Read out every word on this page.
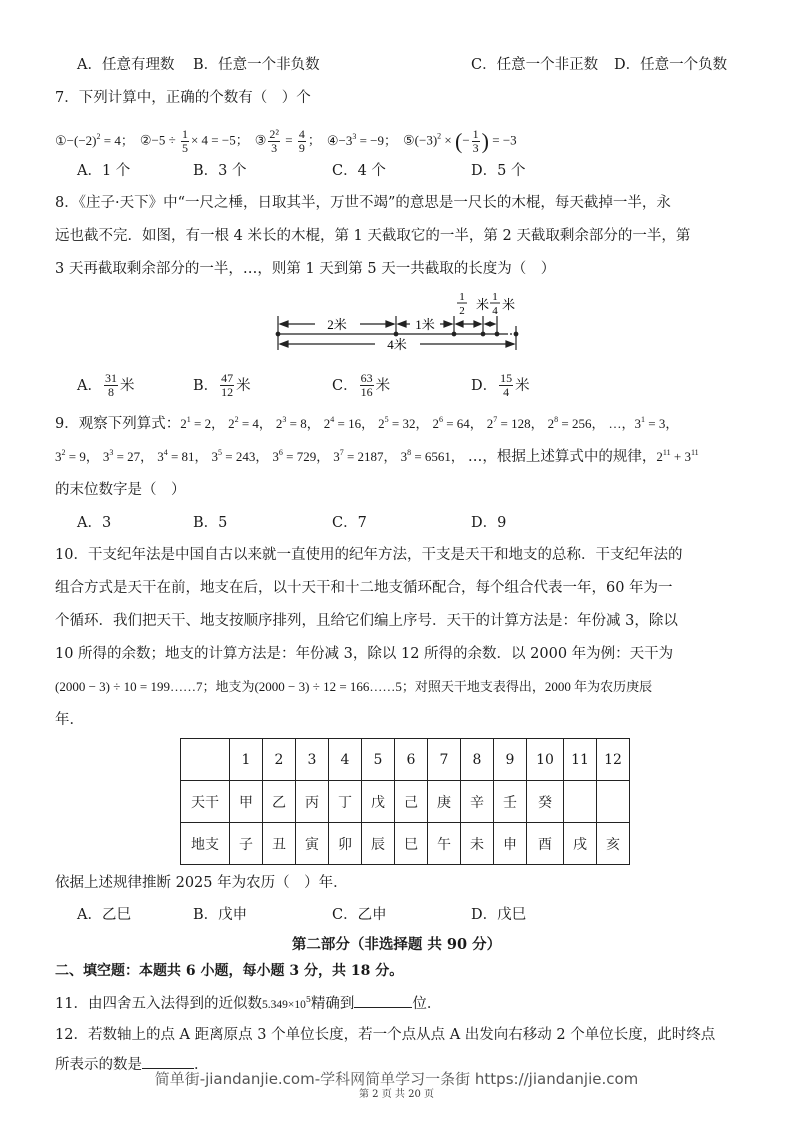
A．任意有理数 B．任意一个非负数	C．任意一个非正数 D．任意一个负数
7．下列计算中，正确的个数有（　）个
$①-(-2)^2 = 4$； ②−5 ÷ $\frac{1}{5} \times 4 = -5$； ③ $\frac{\text{2²}}{3} = \frac{4}{9}$ ； $④-3^3 = -9$； $⑤(-3)^2$ × (− $\frac{1}{3}$ ) = −3
A．1 个	B．3 个	C．4 个	D．5 个
8．《庄子·天下》中“一尺之棰，日取其半，万世不竭”的意思是一尺长的木棍，每天截掉一半，永
远也截不完．如图，有一根 4 米长的木棍，第 1 天截取它的一半，第 2 天截取剩余部分的一半，第
3 天再截取剩余部分的一半，…，则第 1 天到第 5 天一共截取的长度为（　）
2米	1米
1
2 米 1
4 米
4米
A． $\frac{31}{8}$ 米	B． $\frac{47}{12}$ 米	C． $\frac{63}{16}$ 米	D． $\frac{15}{4}$ 米
9．观察下列算式：$2^1 = 2$， $2^2 = 4$， $2^3 = 8$， $2^4 = 16$， $2^5 = 32$， $2^6 = 64$， $2^7 = 128$， $2^8 = 256$， …，$3^1 = 3$，
$3^2 = 9$， $3^3 = 27$， $3^4 = 81$， $3^5 = 243$， $3^6 = 729$， $3^7 = 2187$， $3^8 = 6561$， …，根据上述算式中的规律，$2^{11} + 3^{11}$
的末位数字是（　）
A．3	B．5	C．7	D．9
10．干支纪年法是中国自古以来就一直使用的纪年方法，干支是天干和地支的总称．干支纪年法的
组合方式是天干在前，地支在后，以十天干和十二地支循环配合，每个组合代表一年，60 年为一
个循环．我们把天干、地支按顺序排列，且给它们编上序号．天干的计算方法是：年份减 3，除以
10 所得的余数；地支的计算方法是：年份减 3，除以 12 所得的余数．以 2000 年为例：天干为
(2000 − 3) ÷ 10 = 199……7；地支为(2000 − 3) ÷ 12 = 166……5；对照天干地支表得出，2000 年为农历庚辰
年．
	1	2	3	4	5	6	7	8	9	10	11	12
天干	甲	乙	丙	丁	戊	己	庚	辛	壬	癸		
地支	子	丑	寅	卯	辰	巳	午	未	申	酉	戌	亥
依据上述规律推断 2025 年为农历（　）年．
A．乙巳	B．戊申	C．乙申	D．戊巳
第二部分（非选择题 共 90 分）
二、填空题：本题共 6 小题，每小题 3 分，共 18 分。
11．由四舍五入法得到的近似数$5.349\times 10^5$精确到	位．
12．若数轴上的点 A 距离原点 3 个单位长度，若一个点从点 A 出发向右移动 2 个单位长度，此时终点
所表示的数是	．
简单街-jiandanjie.com-学科网简单学习一条街 https://jiandanjie.com
第 2 页 共 20 页
